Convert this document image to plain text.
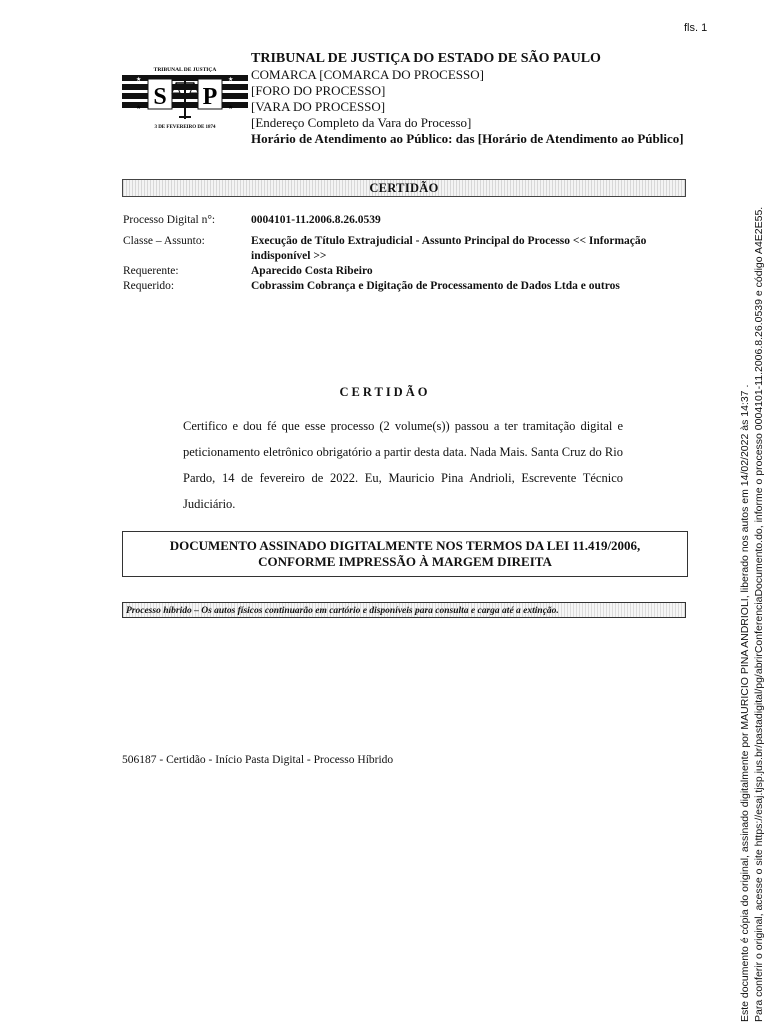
fls. 1
TRIBUNAL DE JUSTIÇA
S P
★	★
★	★
3 DE FEVEREIRO DE 1874
TRIBUNAL DE JUSTIÇA DO ESTADO DE SÃO PAULO
COMARCA [COMARCA DO PROCESSO]
[FORO DO PROCESSO]
[VARA DO PROCESSO]
[Endereço Completo da Vara do Processo]
Horário de Atendimento ao Público: das [Horário de Atendimento ao Público]
CERTIDÃO
Processo Digital n°:	0004101-11.2006.8.26.0539
Classe – Assunto:	Execução de Título Extrajudicial - Assunto Principal do Processo << Informação indisponível >>
Requerente:	Aparecido Costa Ribeiro
Requerido:	Cobrassim Cobrança e Digitação de Processamento de Dados Ltda e outros
CERTIDÃO
Certifico e dou fé que esse processo (2 volume(s)) passou a ter tramitação digital e peticionamento eletrônico obrigatório a partir desta data. Nada Mais. Santa Cruz do Rio Pardo, 14 de fevereiro de 2022. Eu, Mauricio Pina Andrioli, Escrevente Técnico Judiciário.
DOCUMENTO ASSINADO DIGITALMENTE NOS TERMOS DA LEI 11.419/2006,
CONFORME IMPRESSÃO À MARGEM DIREITA
Processo híbrido – Os autos físicos continuarão em cartório e disponíveis para consulta e carga até a extinção.
506187 - Certidão - Início Pasta Digital - Processo Híbrido	Este documento é cópia do original, assinado digitalmente por MAURICIO PINA ANDRIOLI, liberado nos autos em 14/02/2022 às 14:37 . Para conferir o original, acesse o site https://esaj.tjsp.jus.br/pastadigital/pg/abrirConferenciaDocumento.do, informe o processo 0004101-11.2006.8.26.0539 e código A4E2E55.
